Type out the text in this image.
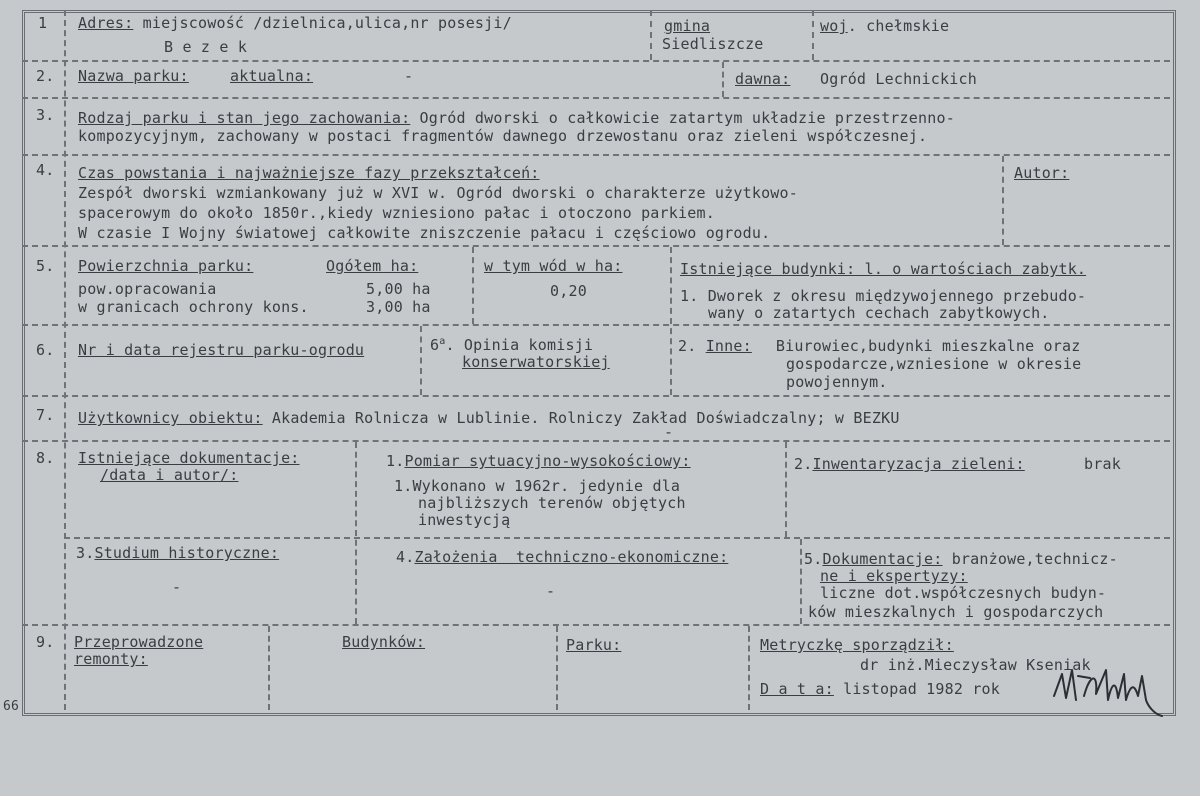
66
1 Adres: miejscowość /dzielnica,ulica,nr posesji/
B e z e k
gmina
Siedliszcze
woj. chełmskie
2. Nazwa parku:	aktualna:	-	dawna: Ogród Lechnickich
3. Rodzaj parku i stan jego zachowania: Ogród dworski o całkowicie zatartym układzie przestrzenno-
kompozycyjnym, zachowany w postaci fragmentów dawnego drzewostanu oraz zieleni współczesnej.
4. Czas powstania i najważniejsze fazy przekształceń:
Zespół dworski wzmiankowany już w XVI w. Ogród dworski o charakterze użytkowo-
spacerowym do około 1850r.,kiedy wzniesiono pałac i otoczono parkiem.
W czasie I Wojny światowej całkowite zniszczenie pałacu i częściowo ogrodu.
Autor:
5. Powierzchnia parku:	Ogółem ha:
pow.opracowania	5,00 ha
w granicach ochrony kons.	3,00 ha
w tym wód w ha:
0,20
Istniejące budynki: l. o wartościach zabytk.
1. Dworek z okresu międzywojennego przebudo-
wany o zatartych cechach zabytkowych.
6. Nr i data rejestru parku-ogrodu	6$^a$. Opinia komisji
konserwatorskiej
2. Inne: Biurowiec,budynki mieszkalne oraz
gospodarcze,wzniesione w okresie
powojennym.
7. Użytkownicy obiektu: Akademia Rolnicza w Lublinie. Rolniczy Zakład Doświadczalny; w BEZKU
-
8. Istniejące dokumentacje:
/data i autor/:
1.Pomiar sytuacyjno-wysokościowy:
1.Wykonano w 1962r. jedynie dla
najbliższych terenów objętych
inwestycją
2.Inwentaryzacja zieleni:	brak
3.Studium historyczne:
-
4.Założenia  techniczno-ekonomiczne:
-
5.Dokumentacje: branżowe,technicz-
ne i ekspertyzy:
liczne dot.współczesnych budyn-
ków mieszkalnych i gospodarczych
9. Przeprowadzone
remonty:
Budynków:	Parku:	Metryczkę sporządził:
dr inż.Mieczysław Kseniak
D a t a: listopad 1982 rok
